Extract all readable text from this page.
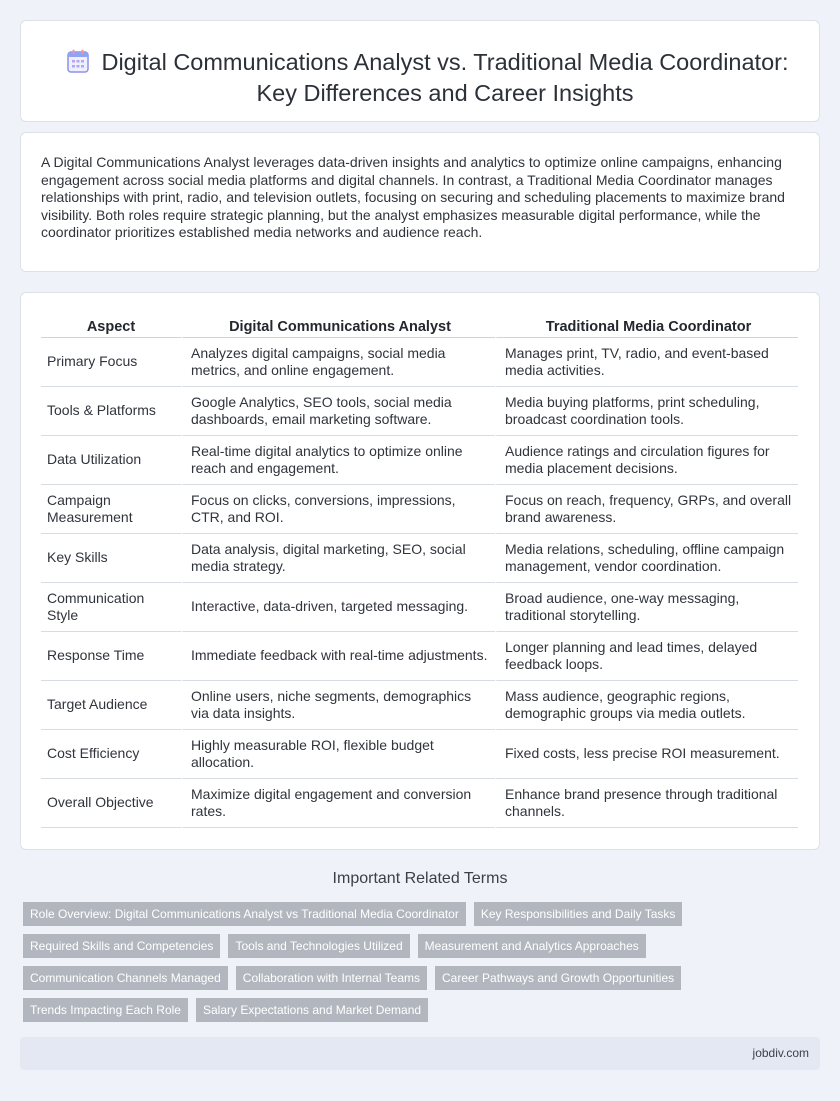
Digital Communications Analyst vs. Traditional Media Coordinator: Key Differences and Career Insights

A Digital Communications Analyst leverages data-driven insights and analytics to optimize online campaigns, enhancing engagement across social media platforms and digital channels. In contrast, a Traditional Media Coordinator manages relationships with print, radio, and television outlets, focusing on securing and scheduling placements to maximize brand visibility. Both roles require strategic planning, but the analyst emphasizes measurable digital performance, while the coordinator prioritizes established media networks and audience reach.

Aspect	Digital Communications Analyst	Traditional Media Coordinator
Primary Focus	Analyzes digital campaigns, social media metrics, and online engagement.	Manages print, TV, radio, and event-based media activities.
Tools & Platforms	Google Analytics, SEO tools, social media dashboards, email marketing software.	Media buying platforms, print scheduling, broadcast coordination tools.
Data Utilization	Real-time digital analytics to optimize online reach and engagement.	Audience ratings and circulation figures for media placement decisions.
Campaign Measurement	Focus on clicks, conversions, impressions, CTR, and ROI.	Focus on reach, frequency, GRPs, and overall brand awareness.
Key Skills	Data analysis, digital marketing, SEO, social media strategy.	Media relations, scheduling, offline campaign management, vendor coordination.
Communication Style	Interactive, data-driven, targeted messaging.	Broad audience, one-way messaging, traditional storytelling.
Response Time	Immediate feedback with real-time adjustments.	Longer planning and lead times, delayed feedback loops.
Target Audience	Online users, niche segments, demographics via data insights.	Mass audience, geographic regions, demographic groups via media outlets.
Cost Efficiency	Highly measurable ROI, flexible budget allocation.	Fixed costs, less precise ROI measurement.
Overall Objective	Maximize digital engagement and conversion rates.	Enhance brand presence through traditional channels.
Important Related Terms
Role Overview: Digital Communications Analyst vs Traditional Media Coordinator	Key Responsibilities and Daily Tasks
Required Skills and Competencies	Tools and Technologies Utilized	Measurement and Analytics Approaches
Communication Channels Managed	Collaboration with Internal Teams	Career Pathways and Growth Opportunities
Trends Impacting Each Role	Salary Expectations and Market Demand
jobdiv.com
